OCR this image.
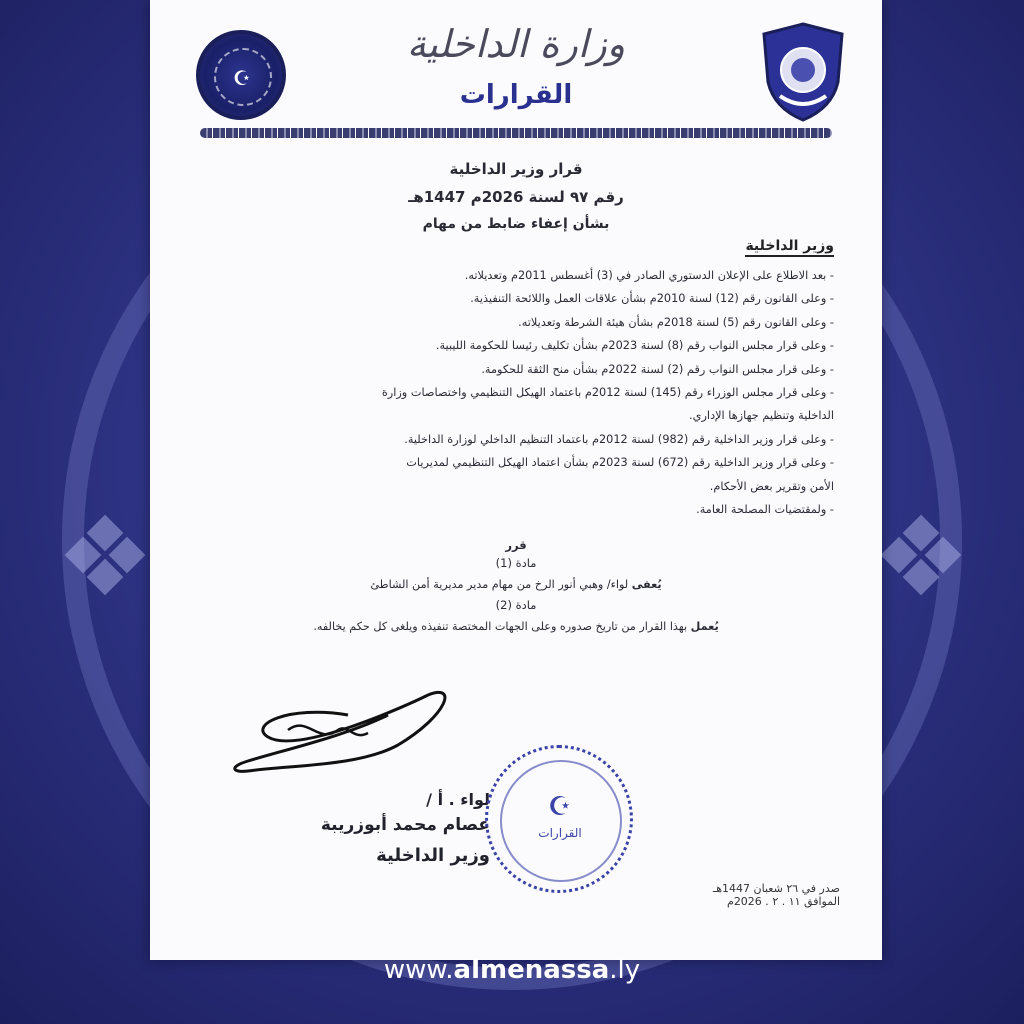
☪
وزارة الداخلية
القرارات
قرار وزير الداخلية
رقم ٩٧ لسنة 2026م 1447هـ
بشأن إعفاء ضابط من مهام
وزير الداخلية
- بعد الاطلاع على الإعلان الدستوري الصادر في (3) أغسطس 2011م وتعديلاته.
- وعلى القانون رقم (12) لسنة 2010م بشأن علاقات العمل واللائحة التنفيذية.
- وعلى القانون رقم (5) لسنة 2018م بشأن هيئة الشرطة وتعديلاته.
- وعلى قرار مجلس النواب رقم (8) لسنة 2023م بشأن تكليف رئيسا للحكومة الليبية.
- وعلى قرار مجلس النواب رقم (2) لسنة 2022م بشأن منح الثقة للحكومة.
- وعلى قرار مجلس الوزراء رقم (145) لسنة 2012م باعتماد الهيكل التنظيمي واختصاصات وزارة
الداخلية وتنظيم جهازها الإداري.
- وعلى قرار وزير الداخلية رقم (982) لسنة 2012م باعتماد التنظيم الداخلي لوزارة الداخلية.
- وعلى قرار وزير الداخلية رقم (672) لسنة 2023م بشأن اعتماد الهيكل التنظيمي لمديريات
الأمن وتقرير بعض الأحكام.
- ولمقتضيات المصلحة العامة.
قرر
مادة (1)
يُعفى لواء/ وهبي أنور الرخ من مهام مدير مديرية أمن الشاطئ
مادة (2)
يُعمل بهذا القرار من تاريخ صدوره وعلى الجهات المختصة تنفيذه ويلغى كل حكم يخالفه.
لواء . أ /
عصام محمد أبوزريبة
وزير الداخلية
☪
القرارات
صدر في ٢٦ شعبان 1447هـ
الموافق ١١ . ٢ . 2026م
www.almenassa.ly
